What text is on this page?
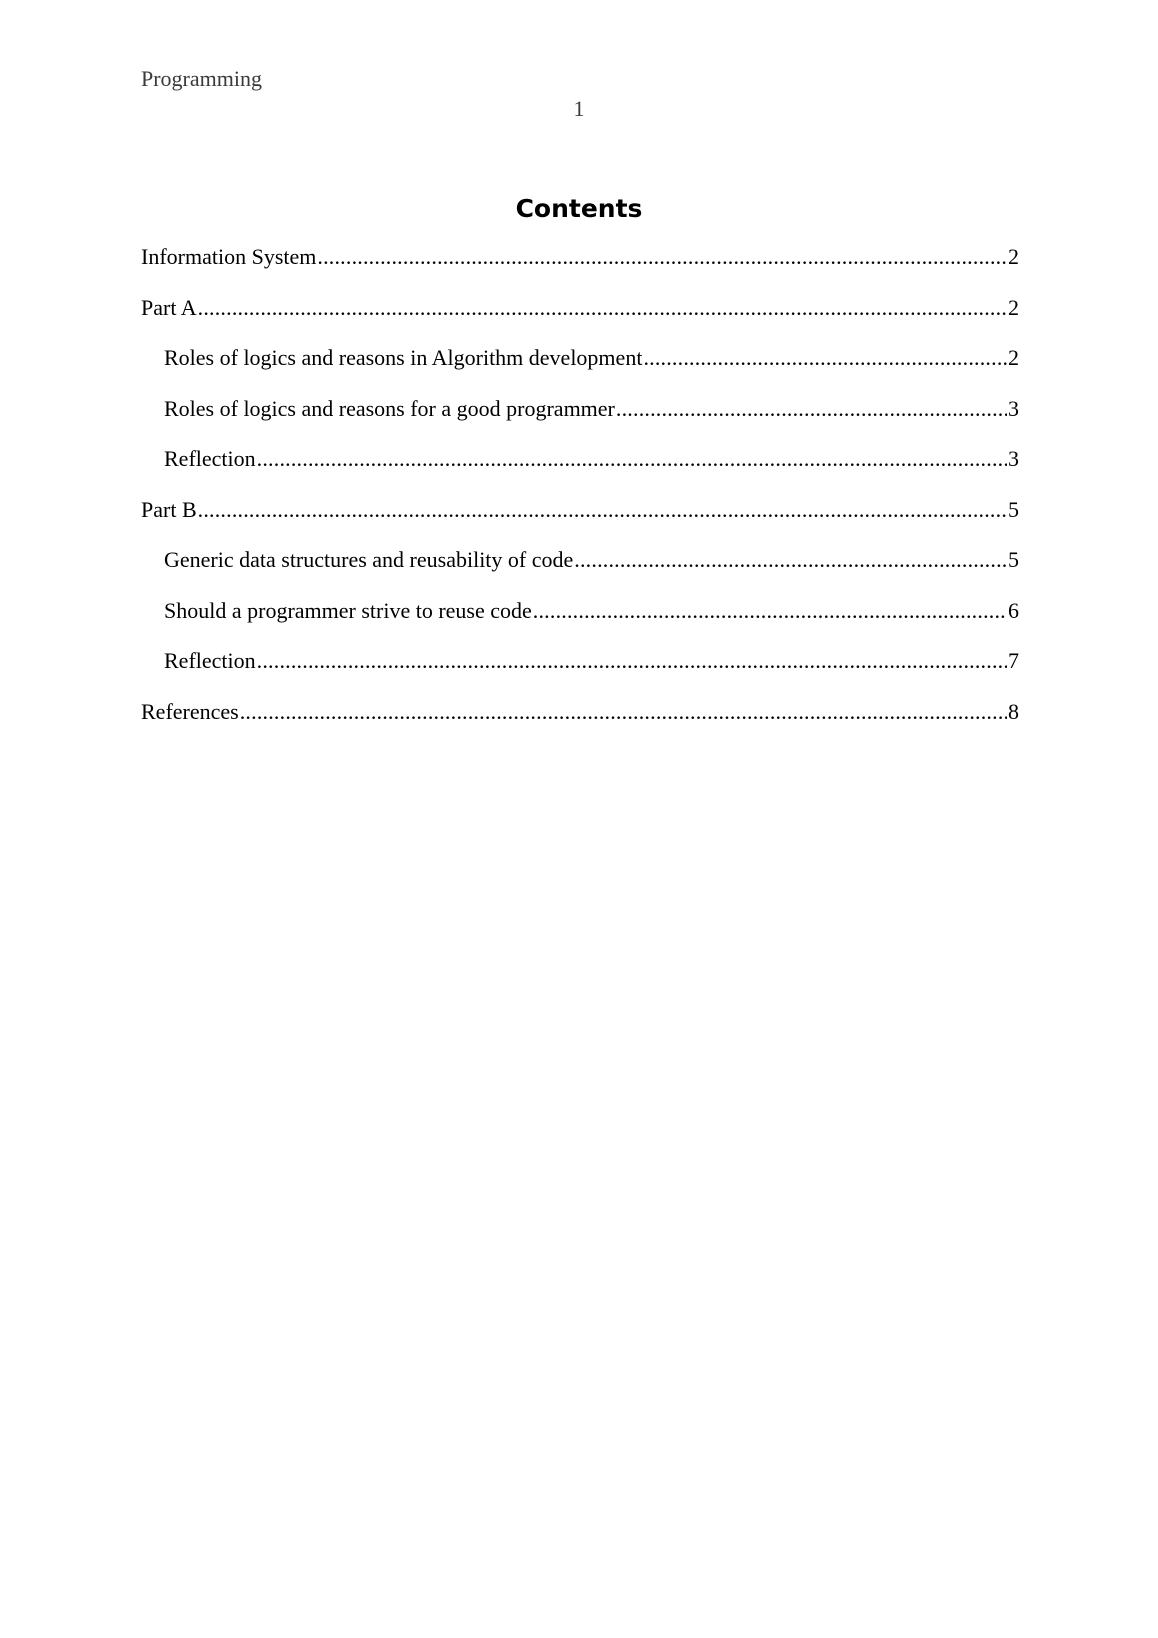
Programming
1
Contents
Information System .....	2
Part A .....	2
Roles of logics and reasons in Algorithm development .....	2
Roles of logics and reasons for a good programmer .....	3
Reflection .....	3
Part B .....	5
Generic data structures and reusability of code .....	5
Should a programmer strive to reuse code .....	6
Reflection .....	7
References .....	8
